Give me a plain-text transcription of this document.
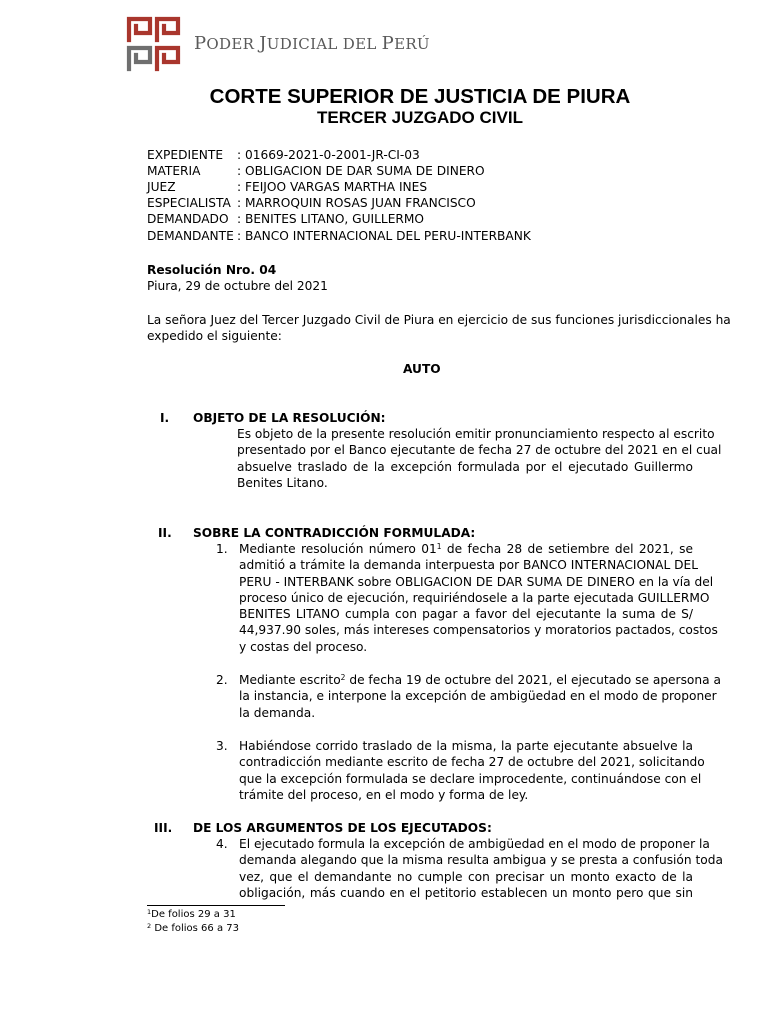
PODER JUDICIAL DEL PERÚ
CORTE SUPERIOR DE JUSTICIA DE PIURA
TERCER JUZGADO CIVIL
EXPEDIENTE : 01669-2021-0-2001-JR-CI-03
MATERIA	: OBLIGACION DE DAR SUMA DE DINERO
JUEZ	: FEIJOO VARGAS MARTHA INES
ESPECIALISTA : MARROQUIN ROSAS JUAN FRANCISCO
DEMANDADO : BENITES LITANO, GUILLERMO
DEMANDANTE : BANCO INTERNACIONAL DEL PERU-INTERBANK
Resolución Nro. 04
Piura, 29 de octubre del 2021
La señora Juez del Tercer Juzgado Civil de Piura en ejercicio de sus funciones jurisdiccionales ha
expedido el siguiente:
AUTO
I. OBJETO DE LA RESOLUCIÓN:
Es objeto de la presente resolución emitir pronunciamiento respecto al escrito
presentado por el Banco ejecutante de fecha 27 de octubre del 2021 en el cual
absuelve traslado de la excepción formulada por el ejecutado Guillermo
Benites Litano.
II. SOBRE LA CONTRADICCIÓN FORMULADA:
1. Mediante resolución número $01^1$ de fecha 28 de setiembre del 2021, se
admitió a trámite la demanda interpuesta por BANCO INTERNACIONAL DEL
PERU - INTERBANK sobre OBLIGACION DE DAR SUMA DE DINERO en la vía del
proceso único de ejecución, requiriéndosele a la parte ejecutada GUILLERMO
BENITES LITANO cumpla con pagar a favor del ejecutante la suma de S/
44,937.90 soles, más intereses compensatorios y moratorios pactados, costos
y costas del proceso.
2. Mediante escrito$^2$ de fecha 19 de octubre del 2021, el ejecutado se apersona a
la instancia, e interpone la excepción de ambigüedad en el modo de proponer
la demanda.
3. Habiéndose corrido traslado de la misma, la parte ejecutante absuelve la
contradicción mediante escrito de fecha 27 de octubre del 2021, solicitando
que la excepción formulada se declare improcedente, continuándose con el
trámite del proceso, en el modo y forma de ley.
III. DE LOS ARGUMENTOS DE LOS EJECUTADOS:
4. El ejecutado formula la excepción de ambigüedad en el modo de proponer la
demanda alegando que la misma resulta ambigua y se presta a confusión toda
vez, que el demandante no cumple con precisar un monto exacto de la
obligación, más cuando en el petitorio establecen un monto pero que sin
$^1$De folios 29 a 31
$^2$ De folios 66 a 73
